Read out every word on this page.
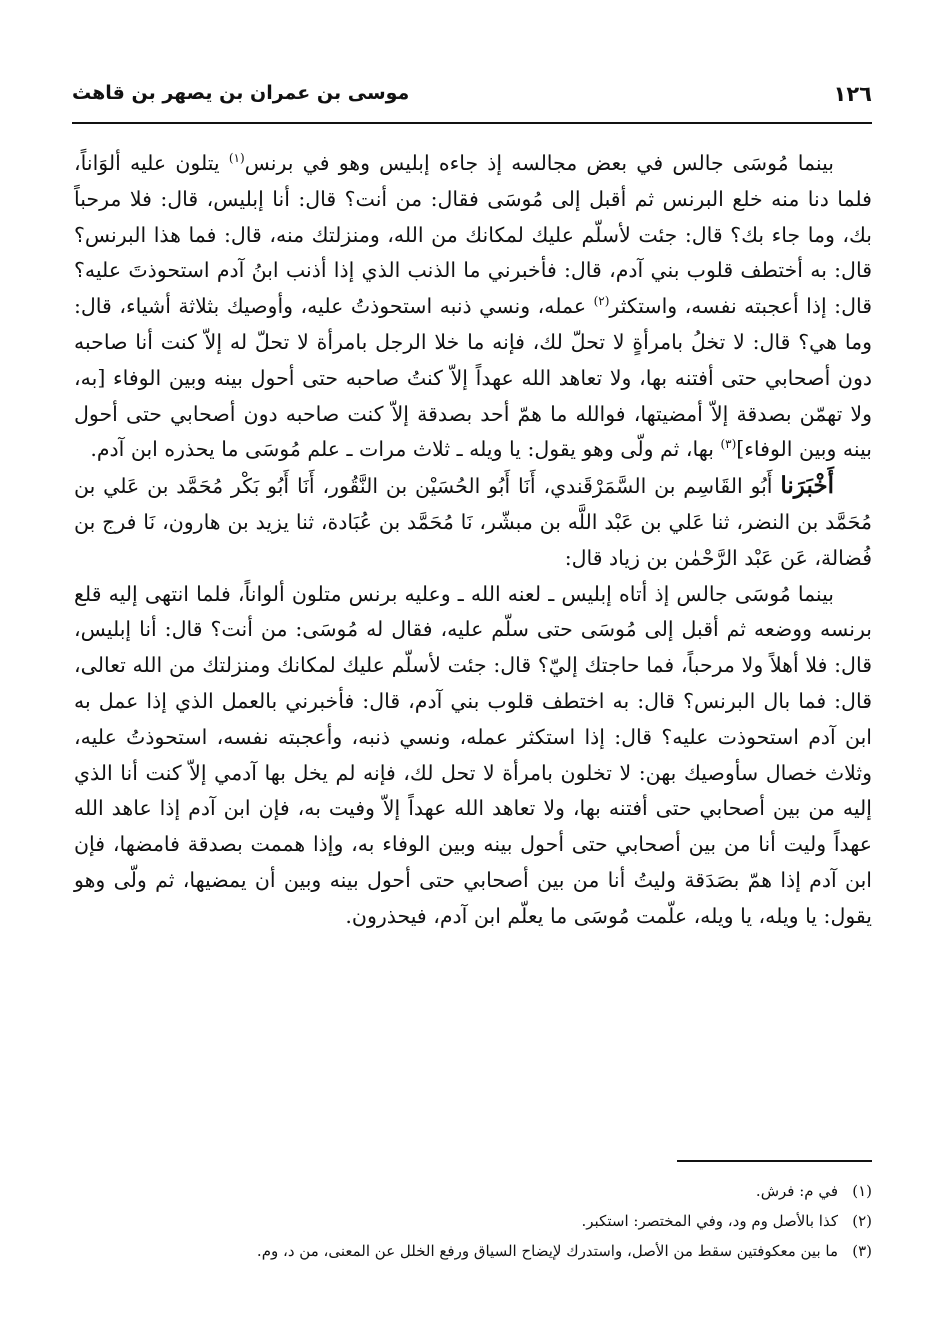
١٢٦
موسى بن عمران بن يصهر بن قاهث

بينما مُوسَى جالس في بعض مجالسه إذ جاءه إبليس وهو في برنس$^{(١)}$ يتلون عليه ألوَاناً، فلما دنا منه خلع البرنس ثم أقبل إلى مُوسَى فقال: من أنت؟ قال: أنا إبليس، قال: فلا مرحباً بك، وما جاء بك؟ قال: جئت لأسلّم عليك لمكانك من الله، ومنزلتك منه، قال: فما هذا البرنس؟ قال: به أختطف قلوب بني آدم، قال: فأخبرني ما الذنب الذي إذا أذنب ابنُ آدم استحوذتَ عليه؟ قال: إذا أعجبته نفسه، واستكثر$^{(٢)}$ عمله، ونسي ذنبه استحوذتُ عليه، وأوصيك بثلاثة أشياء، قال: وما هي؟ قال: لا تخلُ بامرأةٍ لا تحلّ لك، فإنه ما خلا الرجل بامرأة لا تحلّ له إلاّ كنت أنا صاحبه دون أصحابي حتى أفتنه بها، ولا تعاهد الله عهداً إلاّ كنتُ صاحبه حتى أحول بينه وبين الوفاء [به، ولا تهمّن بصدقة إلاّ أمضيتها، فوالله ما همّ أحد بصدقة إلاّ كنت صاحبه دون أصحابي حتى أحول بينه وبين الوفاء]$^{(٣)}$ بها، ثم ولّى وهو يقول: يا ويله ـ ثلاث مرات ـ علم مُوسَى ما يحذره ابن آدم.

أَخْبَرَنا أَبُو القَاسِم بن السَّمَرْقَندي، أَنَا أَبُو الحُسَيْن بن النَّقُور، أَنَا أَبُو بَكْر مُحَمَّد بن عَلي بن مُحَمَّد بن النضر، ثنا عَلي بن عَبْد اللَّه بن مبشّر، نَا مُحَمَّد بن عُبَادة، ثنا يزيد بن هارون، نَا فرج بن فُضالة، عَن عَبْد الرَّحْمٰن بن زياد قال:

بينما مُوسَى جالس إذ أتاه إبليس ـ لعنه الله ـ وعليه برنس متلون ألواناً، فلما انتهى إليه قلع برنسه ووضعه ثم أقبل إلى مُوسَى حتى سلّم عليه، فقال له مُوسَى: من أنت؟ قال: أنا إبليس، قال: فلا أهلاً ولا مرحباً، فما حاجتك إليّ؟ قال: جئت لأسلّم عليك لمكانك ومنزلتك من الله تعالى، قال: فما بال البرنس؟ قال: به اختطف قلوب بني آدم، قال: فأخبرني بالعمل الذي إذا عمل به ابن آدم استحوذت عليه؟ قال: إذا استكثر عمله، ونسي ذنبه، وأعجبته نفسه، استحوذتُ عليه، وثلاث خصال سأوصيك بهن: لا تخلون بامرأة لا تحل لك، فإنه لم يخل بها آدمي إلاّ كنت أنا الذي إليه من بين أصحابي حتى أفتنه بها، ولا تعاهد الله عهداً إلاّ وفيت به، فإن ابن آدم إذا عاهد الله عهداً وليت أنا من بين أصحابي حتى أحول بينه وبين الوفاء به، وإذا هممت بصدقة فامضها، فإن ابن آدم إذا همّ بصَدَقة وليتُ أنا من بين أصحابي حتى أحول بينه وبين أن يمضيها، ثم ولّى وهو يقول: يا ويله، يا ويله، علّمت مُوسَى ما يعلّم ابن آدم، فيحذرون.

(١)في م: فرش.
(٢)كذا بالأصل وم ود، وفي المختصر: استكبر.
(٣)ما بين معكوفتين سقط من الأصل، واستدرك لإيضاح السياق ورفع الخلل عن المعنى، من د، وم.
